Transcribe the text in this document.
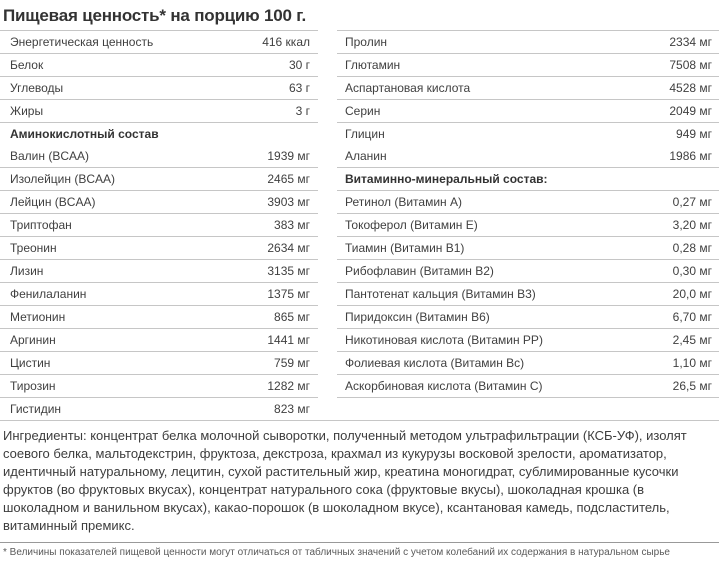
Пищевая ценность* на порцию 100 г.
Энергетическая ценность	416 ккал
Белок	30 г
Углеводы	63 г
Жиры	3 г
Аминокислотный состав	
Валин (BCAA)	1939 мг
Изолейцин (BCAA)	2465 мг
Лейцин (BCAA)	3903 мг
Триптофан	383 мг
Треонин	2634 мг
Лизин	3135 мг
Фенилаланин	1375 мг
Метионин	865 мг
Аргинин	1441 мг
Цистин	759 мг
Тирозин	1282 мг
Гистидин	823 мг
Пролин	2334 мг
Глютамин	7508 мг
Аспартановая кислота	4528 мг
Серин	2049 мг
Глицин	949 мг
Аланин	1986 мг
Витаминно-минеральный состав:	
Ретинол (Витамин А)	0,27 мг
Токоферол (Витамин Е)	3,20 мг
Тиамин (Витамин В1)	0,28 мг
Рибофлавин (Витамин В2)	0,30 мг
Пантотенат кальция (Витамин В3)	20,0 мг
Пиридоксин (Витамин В6)	6,70 мг
Никотиновая кислота (Витамин РР)	2,45 мг
Фолиевая кислота (Витамин Вс)	1,10 мг
Аскорбиновая кислота (Витамин С)	26,5 мг

Ингредиенты: концентрат белка молочной сыворотки, полученный методом ультрафильтрации (КСБ-УФ), изолят соевого белка, мальтодекстрин, фруктоза, декстроза, крахмал из кукурузы восковой зрелости, ароматизатор, идентичный натуральному, лецитин, сухой растительный жир, креатина моногидрат, сублимированные кусочки фруктов (во фруктовых вкусах), концентрат натурального сока (фруктовые вкусы), шоколадная крошка (в шоколадном и ванильном вкусах), какао-порошок (в шоколадном вкусе), ксантановая камедь, подсластитель, витаминный премикс.

* Величины показателей пищевой ценности могут отличаться от табличных значений с учетом колебаний их содержания в натуральном сырье
